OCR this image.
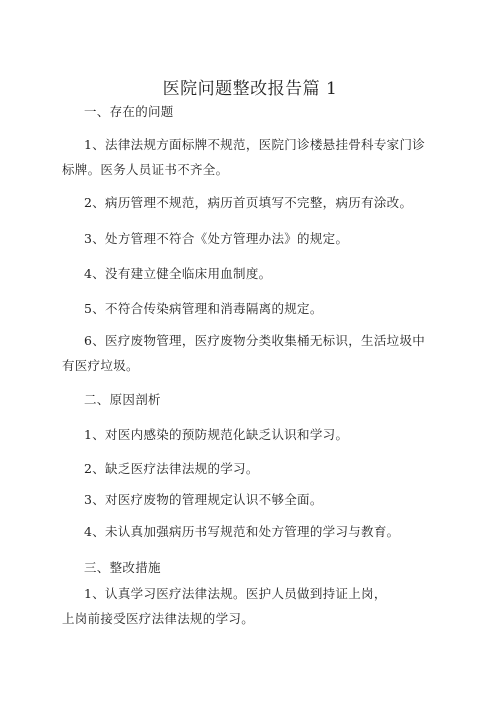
医院问题整改报告篇 1
一、存在的问题
1、法律法规方面标牌不规范，医院门诊楼悬挂骨科专家门诊
标牌。医务人员证书不齐全。
2、病历管理不规范，病历首页填写不完整，病历有涂改。
3、处方管理不符合《处方管理办法》的规定。
4、没有建立健全临床用血制度。
5、不符合传染病管理和消毒隔离的规定。
6、医疗废物管理，医疗废物分类收集桶无标识，生活垃圾中
有医疗垃圾。
二、原因剖析
1、对医内感染的预防规范化缺乏认识和学习。
2、缺乏医疗法律法规的学习。
3、对医疗废物的管理规定认识不够全面。
4、未认真加强病历书写规范和处方管理的学习与教育。
三、整改措施
1、认真学习医疗法律法规。医护人员做到持证上岗，
上岗前接受医疗法律法规的学习。
